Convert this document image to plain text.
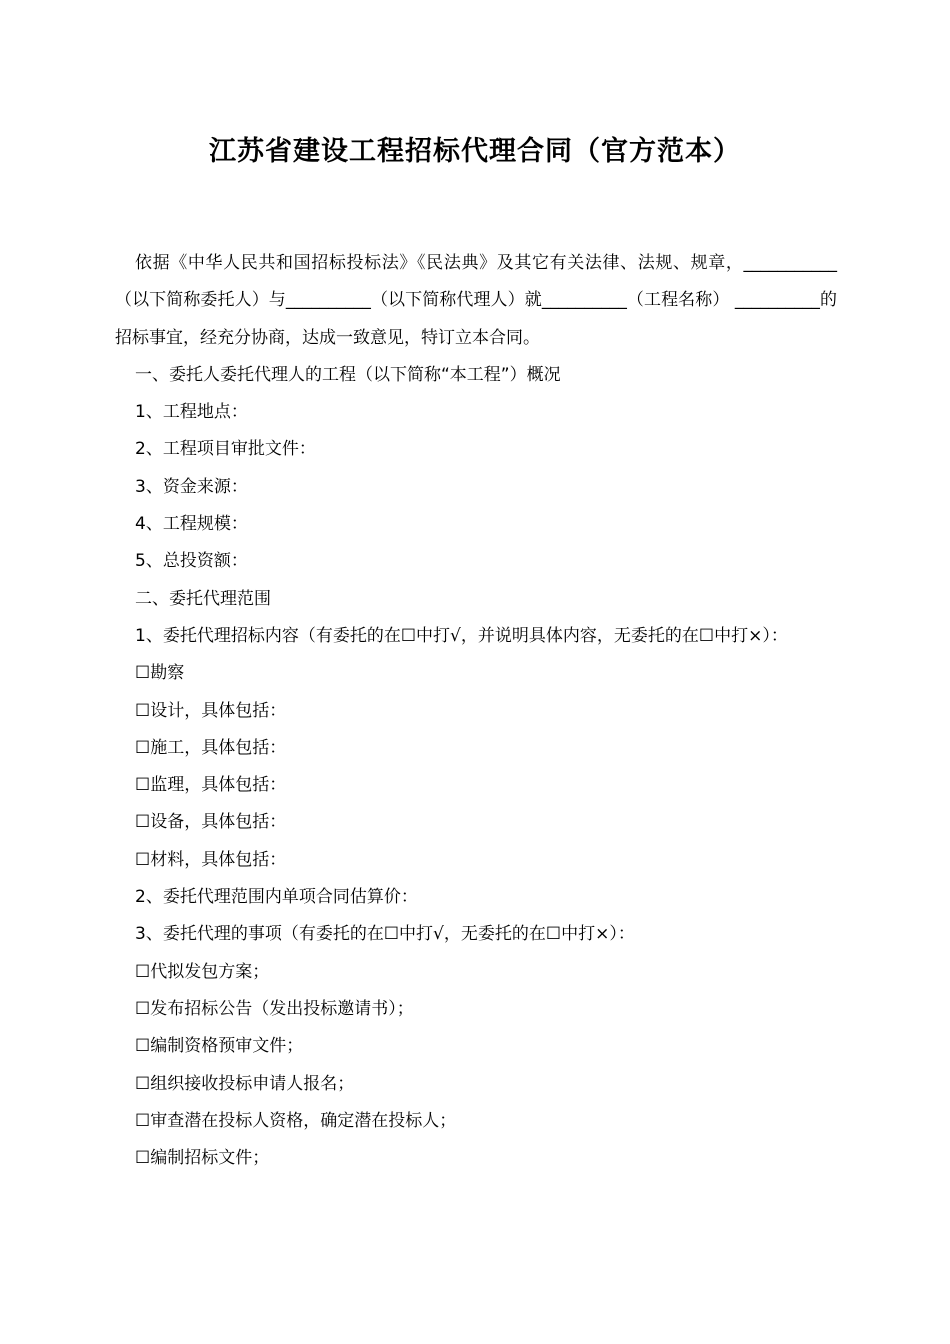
江苏省建设工程招标代理合同（官方范本）

依据《中华人民共和国招标投标法》《民法典》及其它有关法律、法规、规章，___________（以下简称委托人）与__________（以下简称代理人）就__________（工程名称） __________的招标事宜，经充分协商，达成一致意见，特订立本合同。

一、委托人委托代理人的工程（以下简称“本工程”）概况

1、工程地点：

2、工程项目审批文件：

3、资金来源：

4、工程规模：

5、总投资额：

二、委托代理范围

1、委托代理招标内容（有委托的在☐中打√，并说明具体内容，无委托的在☐中打×）：

☐勘察

☐设计，具体包括：

☐施工，具体包括：

☐监理，具体包括：

☐设备，具体包括：

☐材料，具体包括：

2、委托代理范围内单项合同估算价：

3、委托代理的事项（有委托的在☐中打√，无委托的在☐中打×）：

☐代拟发包方案；

☐发布招标公告（发出投标邀请书）；

☐编制资格预审文件；

☐组织接收投标申请人报名；

☐审查潜在投标人资格，确定潜在投标人；

☐编制招标文件；
